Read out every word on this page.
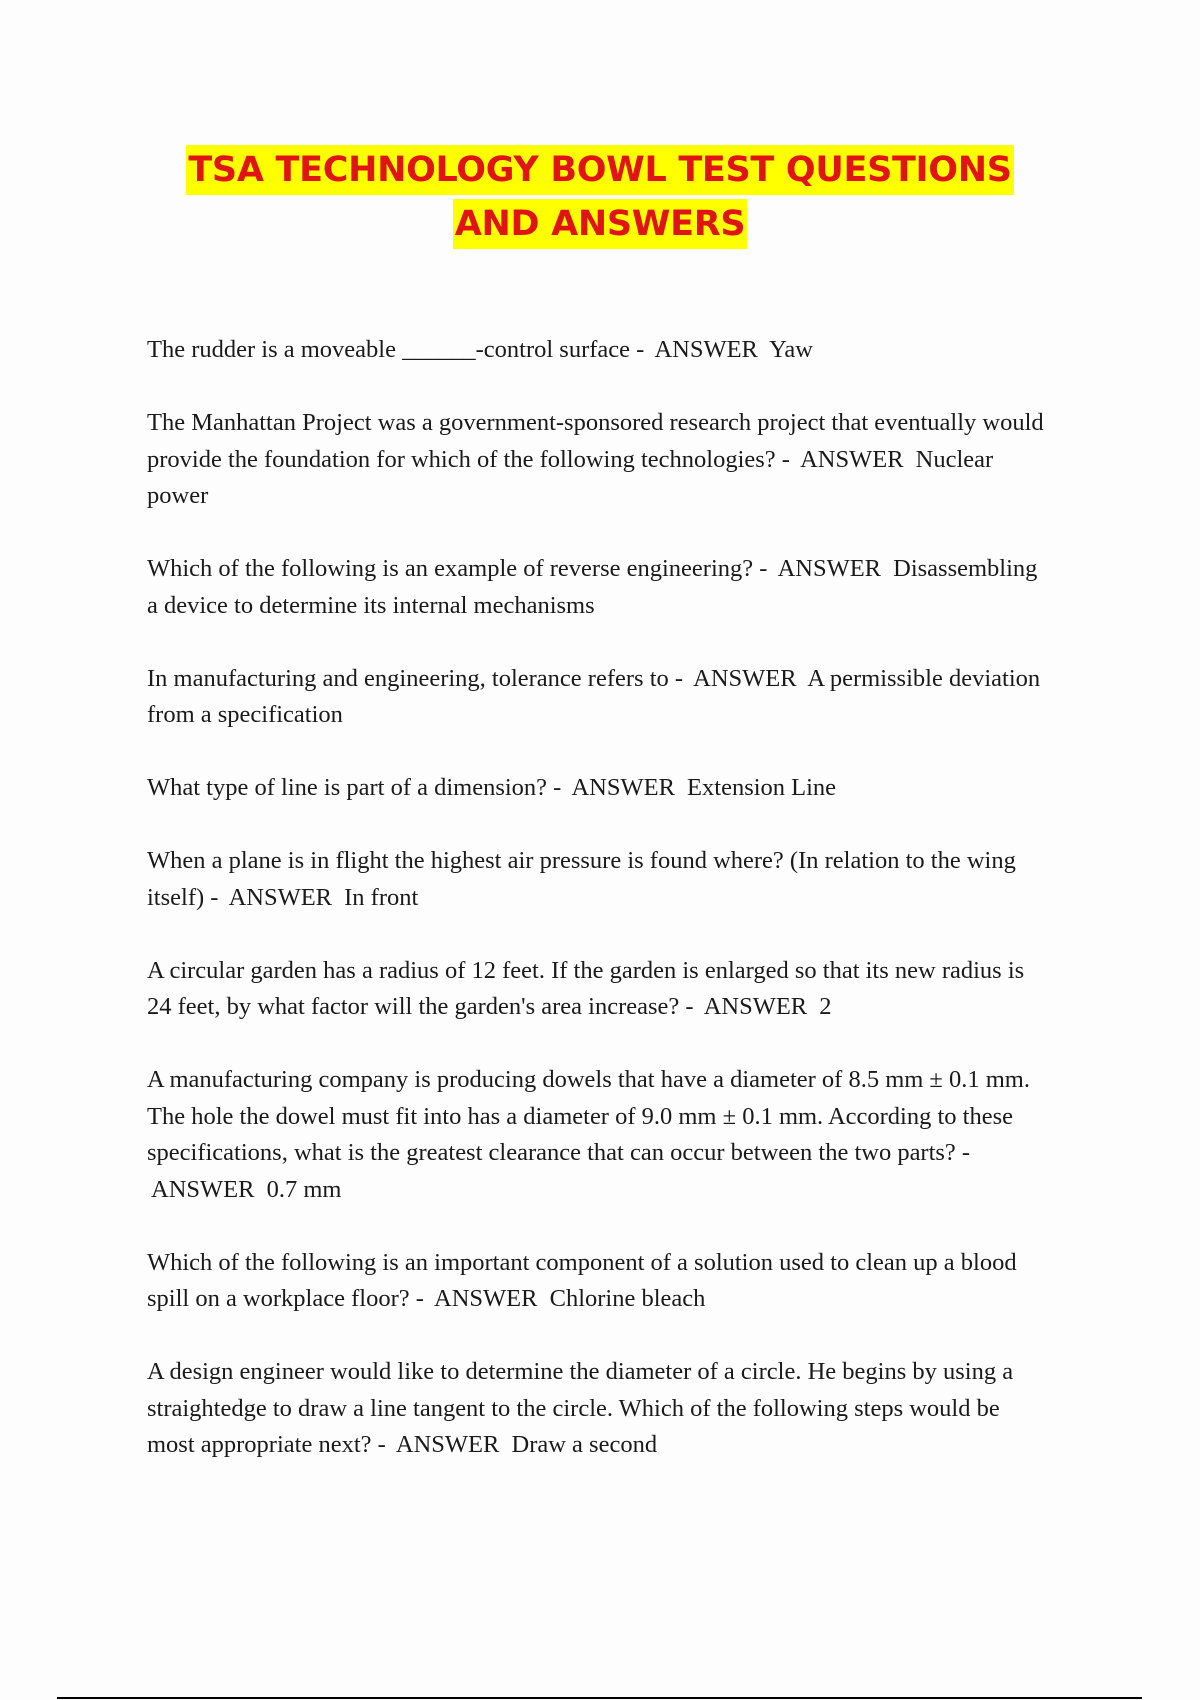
TSA TECHNOLOGY BOWL TEST QUESTIONS
AND ANSWERS

The rudder is a moveable ______-control surface - ANSWER Yaw

The Manhattan Project was a government-sponsored research project that eventually would provide the foundation for which of the following technologies? - ANSWER Nuclear power

Which of the following is an example of reverse engineering? - ANSWER Disassembling a device to determine its internal mechanisms

In manufacturing and engineering, tolerance refers to - ANSWER A permissible deviation from a specification

What type of line is part of a dimension? - ANSWER Extension Line

When a plane is in flight the highest air pressure is found where? (In relation to the wing itself) - ANSWER In front

A circular garden has a radius of 12 feet. If the garden is enlarged so that its new radius is 24 feet, by what factor will the garden's area increase? - ANSWER 2

A manufacturing company is producing dowels that have a diameter of 8.5 mm ± 0.1 mm. The hole the dowel must fit into has a diameter of 9.0 mm ± 0.1 mm. According to these specifications, what is the greatest clearance that can occur between the two parts? - ANSWER 0.7 mm

Which of the following is an important component of a solution used to clean up a blood spill on a workplace floor? - ANSWER Chlorine bleach

A design engineer would like to determine the diameter of a circle. He begins by using a straightedge to draw a line tangent to the circle. Which of the following steps would be most appropriate next? - ANSWER Draw a second
